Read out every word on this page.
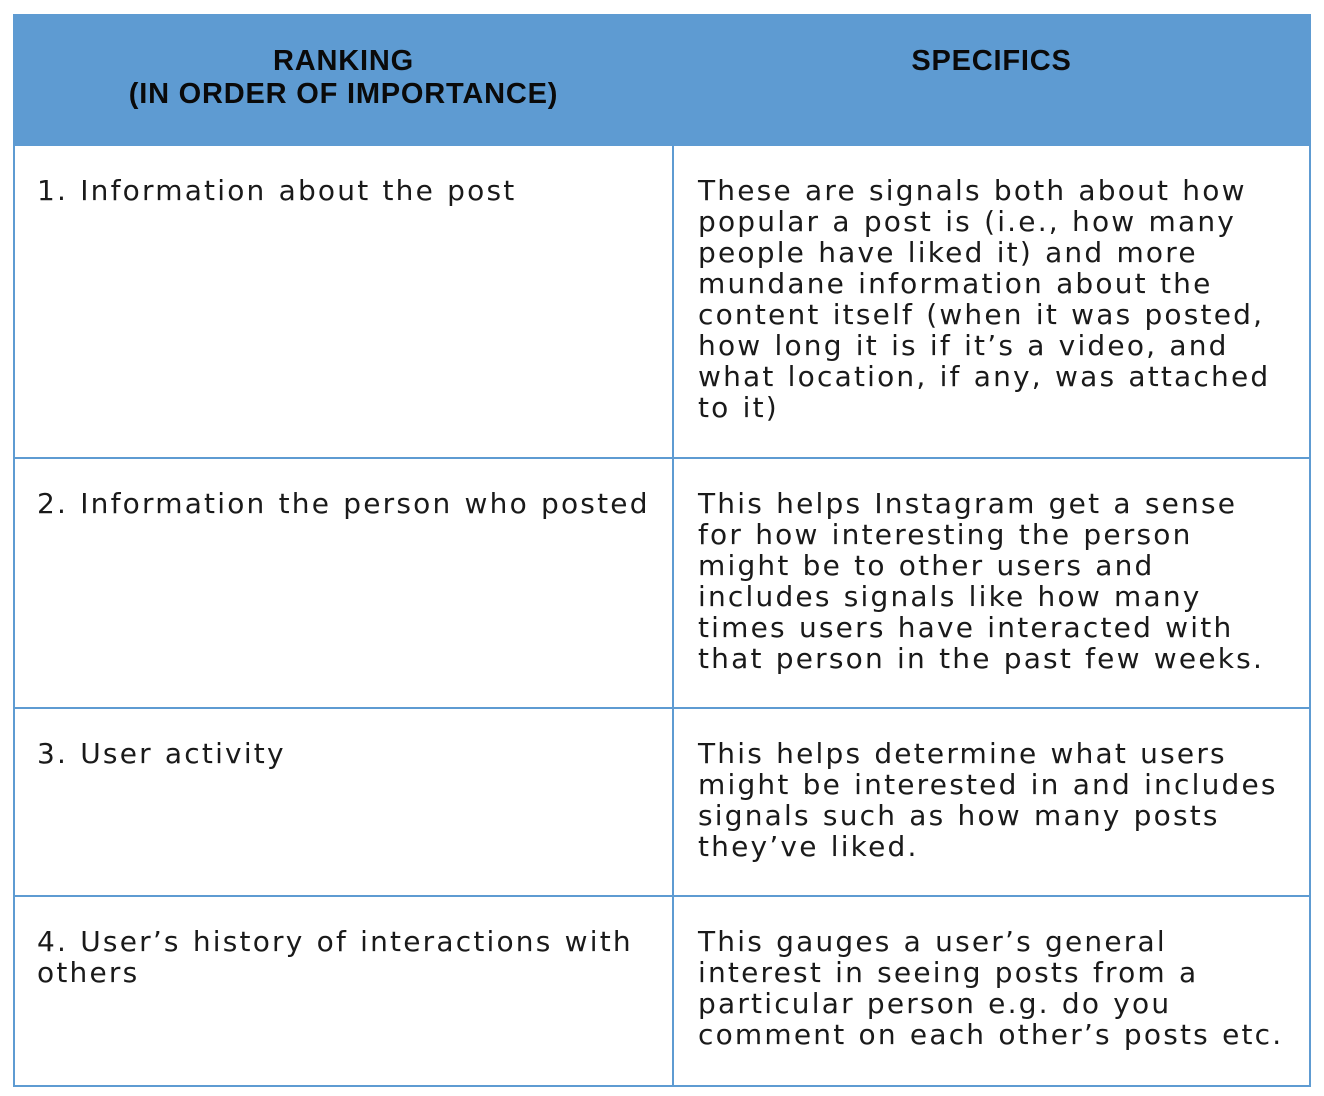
RANKING
(IN ORDER OF IMPORTANCE)	SPECIFICS

1. Information about the post	These are signals both about how popular a post is (i.e., how many people have liked it) and more mundane information about the content itself (when it was posted, how long it is if it’s a video, and what location, if any, was attached to it)

2. Information the person who posted	This helps Instagram get a sense for how interesting the person might be to other users and includes signals like how many times users have interacted with that person in the past few weeks.

3. User activity	This helps determine what users might be interested in and includes signals such as how many posts they’ve liked.

4. User’s history of interactions with others	This gauges a user’s general interest in seeing posts from a particular person e.g. do you comment on each other’s posts etc.
